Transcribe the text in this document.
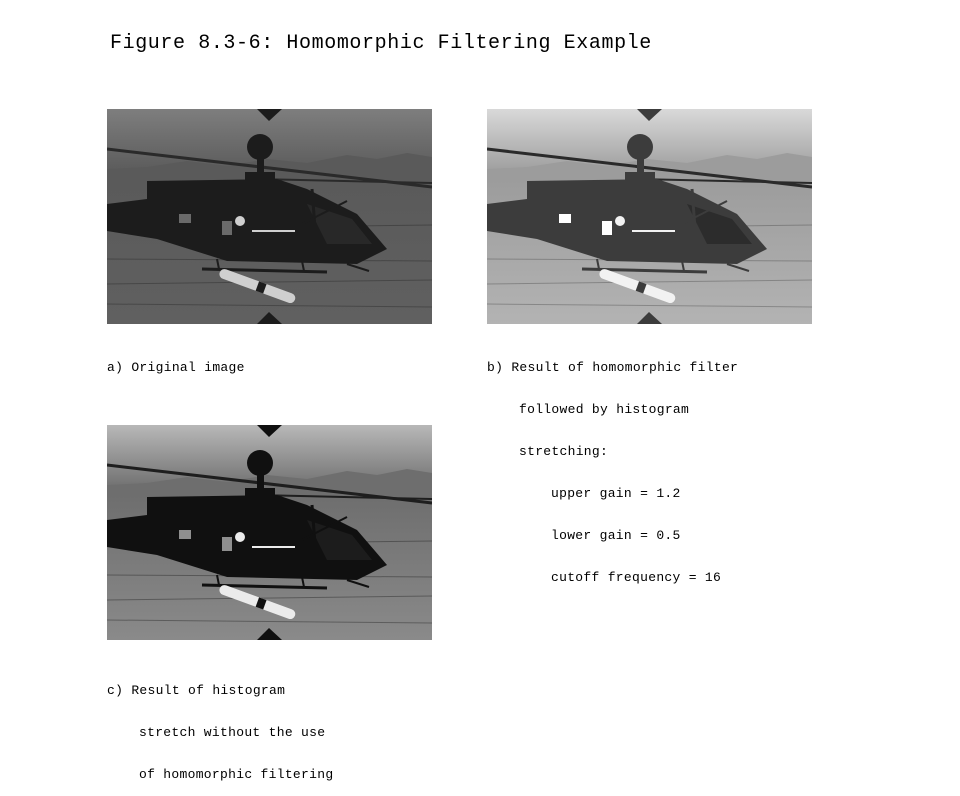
Figure 8.3-6: Homomorphic Filtering Example

a) Original image

	b) Result of homomorphic filter

followed by histogram

stretching:

upper gain = 1.2

lower gain = 0.5

cutoff frequency = 16

c) Result of histogram

stretch without the use

of homomorphic filtering
